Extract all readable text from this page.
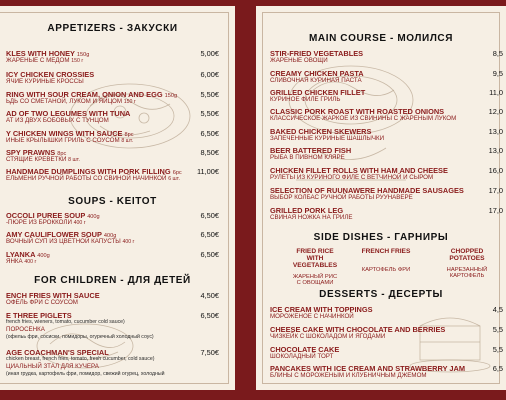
APPETIZERS - ЗАКУСКИ
KLES WITH HONEY 150g
ЖАРЕНЫЕ С МЕДОМ 150 г
5,00€
ICY CHICKEN CROSSIES
ЯЧИЕ КУРИНЫЕ КРОССЫ
6,00€
RING WITH SOUR CREAM, ONION AND EGG 150g
ЬДЬ СО СМЕТАНОЙ, ЛУКОМ И ЯЙЦОМ 150 г
5,50€
AD OF TWO LEGUMES WITH TUNA
АТ ИЗ ДВУХ БОБОВЫХ С ТУНЦОМ
5,50€
Y CHICKEN WINGS WITH SAUCE 8pc
ИНЫЕ КРЫЛЫШКИ ГРИЛЬ С СОУСОМ 8 шт.
6,50€
SPY PRAWNS 8pc
СТЯЩИЕ КРЕВЕТКИ 8 шт.
8,50€
HANDMADE DUMPLINGS WITH PORK FILLING 6pc
ЕЛЬМЕНИ РУЧНОЙ РАБОТЫ СО СВИНОЙ НАЧИНКОЙ 6 шт.
11,00€
SOUPS - KEITOT
OCCOLI PUREE SOUP 400g
-ПЮРЕ ИЗ БРОККОЛИ 400 г
6,50€
AMY CAULIFLOWER SOUP 400g
ВОЧНЫЙ СУП ИЗ ЦВЕТНОЙ КАПУСТЫ 400 г
6,50€
LYANKA 400g
ЯНКА 400 г
6,50€
FOR CHILDREN - ДЛЯ ДЕТЕЙ
ENCH FRIES WITH SAUCE
ОФЕЛЬ ФРИ С СОУСОМ
4,50€
E THREE PIGLETS
french fries, wieners, tomato, cucumber cold sauce)
ПОРОСЕНКА
(офельь фри, сосиски, помидоры, огуречный холодный соус)
6,50€
AGE COACHMAN'S SPECIAL
chicken breast, french fries, tomato, fresh cucumber, cold sauce)
ЦИАЛЬНЫЙ ЗТАЛ ДЛЯ КУЧЕРА
(иная грудка, картофель фри, помидор, свежий огурец, холодный
7,50€
MAIN COURSE - МОЛИЛСЯ
STIR-FRIED VEGETABLES
ЖАРЕНЫЕ ОВОЩИ
8,5
CREAMY CHICKEN PASTA
СЛИВОЧНАЯ КУРИНАЯ ПАСТА
9,5
GRILLED CHICKEN FILLET
КУРИНОЕ ФИЛЕ ГРИЛЬ
11,0
CLASSIC PORK ROAST WITH ROASTED ONIONS
КЛАССИЧЕСКОЕ ЖАРКОЕ ИЗ СВИНИНЫ С ЖАРЕНЫМ ЛУКОМ
12,0
BAKED CHICKEN SKEWERS
ЗАПЕЧЕННЫЕ КУРИНЫЕ ШАШЛЫЧКИ
13,0
BEER BATTERED FISH
РЫБА В ПИВНОМ КЛЯРЕ
13,0
CHICKEN FILLET ROLLS WITH HAM AND CHEESE
РУЛЕТЫ ИЗ КУРИНОГО ФИЛЕ С ВЕТЧИНОЙ И СЫРОМ
16,0
SELECTION OF RUUNAWERE HANDMADE SAUSAGES
ВЫБОР КОЛБАС РУЧНОЙ РАБОТЫ РУУНАВЕРЕ
17,0
GRILLED PORK LEG
СВИНАЯ НОЖКА НА ГРИЛЕ
17,0
SIDE DISHES - ГАРНИРЫ
FRIED RICE
WITH VEGETABLES
ЖАРЕНЫЙ РИС
С ОВОЩАМИ
FRENCH FRIES
КАРТОФЕЛЬ ФРИ
CHOPPED
POTATOES
НАРЕЗАННЫЙ
КАРТОФЕЛЬ
DESSERTS - ДЕСЕРТЫ
ICE CREAM WITH TOPPINGS
МОРОЖЕНОЕ С НАЧИНКОЙ
4,5
CHEESE CAKE WITH CHOCOLATE AND BERRIES
ЧИЗКЕЙК С ШОКОЛАДОМ И ЯГОДАМИ
5,5
CHOCOLATE CAKE
ШОКОЛАДНЫЙ ТОРТ
5,5
PANCAKES WITH ICE CREAM AND STRAWBERRY JAM
БЛИНЫ С МОРОЖЕНЫМ И КЛУБНИЧНЫМ ДЖЕМОМ
6,5
